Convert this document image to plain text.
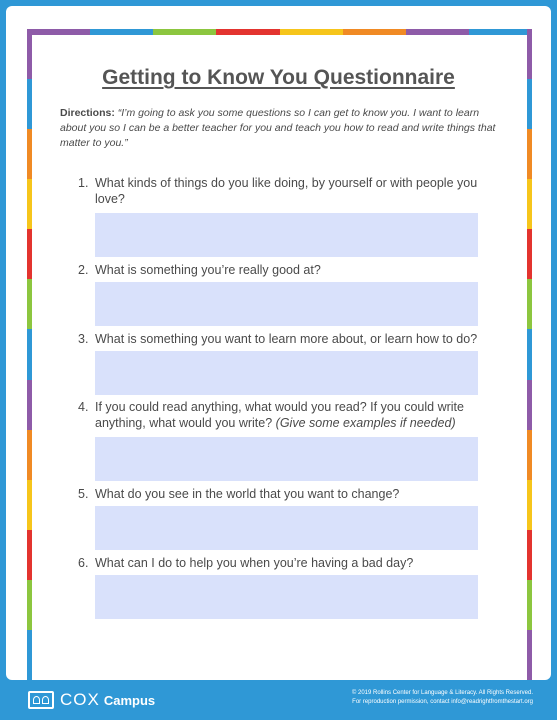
Getting to Know You Questionnaire
Directions: “I’m going to ask you some questions so I can get to know you. I want to learn about you so I can be a better teacher for you and teach you how to read and write things that matter to you.”
1. What kinds of things do you like doing, by yourself or with people you love?
2. What is something you’re really good at?
3. What is something you want to learn more about, or learn how to do?
4. If you could read anything, what would you read? If you could write anything, what would you write? (Give some examples if needed)
5. What do you see in the world that you want to change?
6. What can I do to help you when you’re having a bad day?
COX Campus	© 2019 Rollins Center for Language & Literacy. All Rights Reserved.
For reproduction permission, contact info@readrightfromthestart.org
